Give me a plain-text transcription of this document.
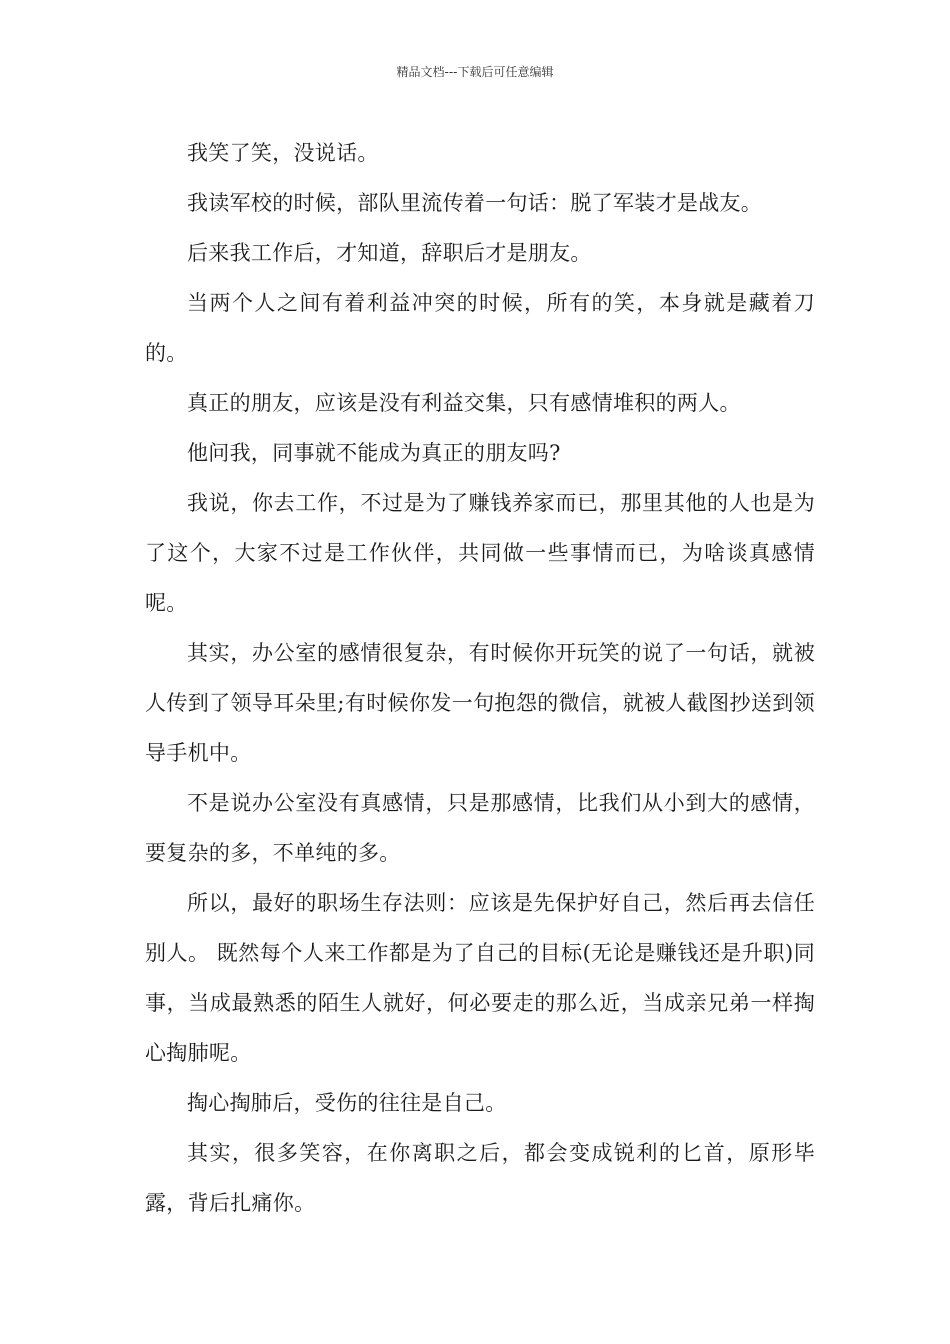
精品文档---下载后可任意编辑

我笑了笑，没说话。

我读军校的时候，部队里流传着一句话：脱了军装才是战友。

后来我工作后，才知道，辞职后才是朋友。

当两个人之间有着利益冲突的时候，所有的笑，本身就是藏着刀的。

真正的朋友，应该是没有利益交集，只有感情堆积的两人。

他问我，同事就不能成为真正的朋友吗?

我说，你去工作，不过是为了赚钱养家而已，那里其他的人也是为了这个，大家不过是工作伙伴，共同做一些事情而已，为啥谈真感情呢。

其实，办公室的感情很复杂，有时候你开玩笑的说了一句话，就被人传到了领导耳朵里;有时候你发一句抱怨的微信，就被人截图抄送到领导手机中。

不是说办公室没有真感情，只是那感情，比我们从小到大的感情，要复杂的多，不单纯的多。

所以，最好的职场生存法则：应该是先保护好自己，然后再去信任别人。 既然每个人来工作都是为了自己的目标(无论是赚钱还是升职)同事，当成最熟悉的陌生人就好，何必要走的那么近，当成亲兄弟一样掏心掏肺呢。

掏心掏肺后，受伤的往往是自己。

其实，很多笑容，在你离职之后，都会变成锐利的匕首，原形毕露，背后扎痛你。
